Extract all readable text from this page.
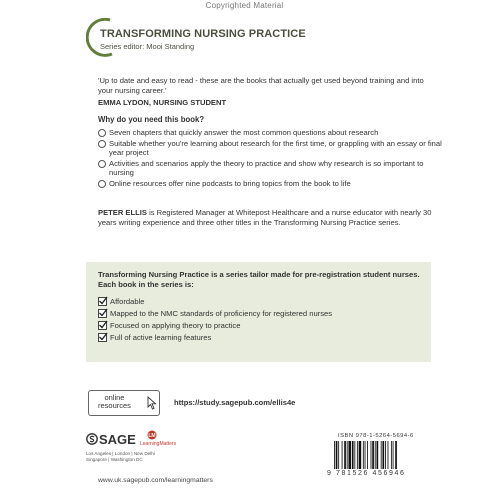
Copyrighted Material
TRANSFORMING NURSING PRACTICE
Series editor: Mooi Standing
'Up to date and easy to read - these are the books that actually get used beyond training and into your nursing career.'
EMMA LYDON, NURSING STUDENT
Why do you need this book?
Seven chapters that quickly answer the most common questions about research
Suitable whether you're learning about research for the first time, or grappling with an essay or final year project
Activities and scenarios apply the theory to practice and show why research is so important to nursing
Online resources offer nine podcasts to bring topics from the book to life
PETER ELLIS is Registered Manager at Whitepost Healthcare and a nurse educator with nearly 30 years writing experience and three other titles in the Transforming Nursing Practice series.
Transforming Nursing Practice is a series tailor made for pre-registration student nurses. Each book in the series is:
Affordable
Mapped to the NMC standards of proficiency for registered nurses
Focused on applying theory to practice
Full of active learning features
online
resources	https://study.sagepub.com/ellis4e
SAGE
Los Angeles | London | New Delhi
Singapore | Washington DC
LM
LearningMatters
www.uk.sagepub.com/learningmatters
ISBN 978-1-5264-5694-6
9 781526 456946
